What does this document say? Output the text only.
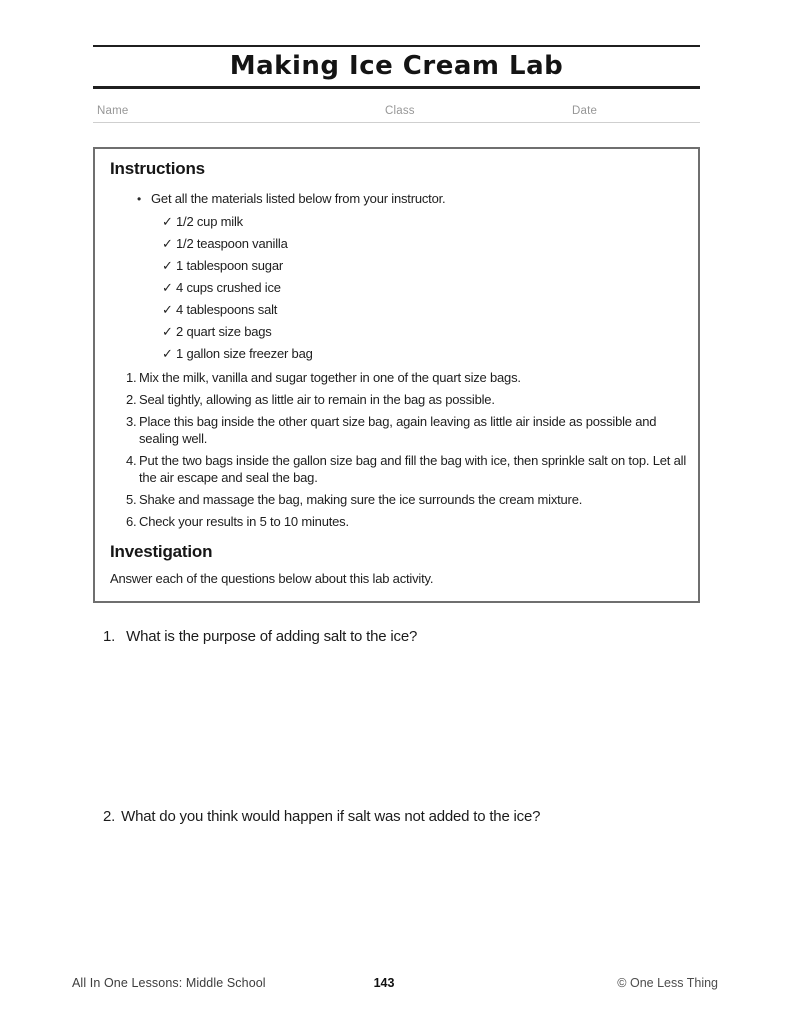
Making Ice Cream Lab
Name	Class	Date
Instructions
• Get all the materials listed below from your instructor.
✓ 1/2 cup milk
✓ 1/2 teaspoon vanilla
✓ 1 tablespoon sugar
✓ 4 cups crushed ice
✓ 4 tablespoons salt
✓ 2 quart size bags
✓ 1 gallon size freezer bag
1. Mix the milk, vanilla and sugar together in one of the quart size bags.
2. Seal tightly, allowing as little air to remain in the bag as possible.
3. Place this bag inside the other quart size bag, again leaving as little air inside as possible and sealing well.
4. Put the two bags inside the gallon size bag and fill the bag with ice, then sprinkle salt on top. Let all the air escape and seal the bag.
5. Shake and massage the bag, making sure the ice surrounds the cream mixture.
6. Check your results in 5 to 10 minutes.
Investigation
Answer each of the questions below about this lab activity.
1. What is the purpose of adding salt to the ice?
2. What do you think would happen if salt was not added to the ice?
All In One Lessons: Middle School	143	© One Less Thing
